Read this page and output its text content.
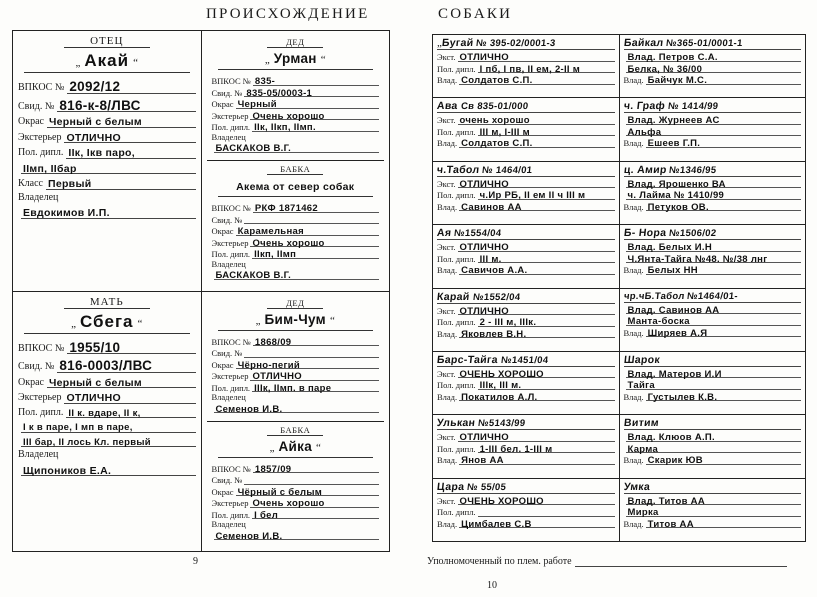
ПРОИСХОЖДЕНИЕ	СОБАКИ
ОТЕЦ
„ Акай “
ВПКОС № 2092/12
Свид. № 816-к-8/ЛВС
Окрас Черный с белым
Экстерьер ОТЛИЧНО
Пол. дипл. IIк, Iкв паро,
IIмп, IIбар
Класс Первый
Владелец
Евдокимов И.П.
ДЕД
„ Урман “
ВПКОС № 835-
Свид. № 835-05/0003-1
Окрас Черный
Экстерьер Очень хорошо
Пол. дипл. IIк, IIкп, IIмп.
Владелец
БАСКАКОВ В.Г.
БАБКА
Акема от север собак
ВПКОС № РКФ 1871462
Свид. №
Окрас Карамельная
Экстерьер Очень хорошо
Пол. дипл. IIкп, IIмп
Владелец
БАСКАКОВ В.Г.
МАТЬ
„ Сбега “
ВПКОС № 1955/10
Свид. № 816-0003/ЛВС
Окрас Черный с белым
Экстерьер ОТЛИЧНО
Пол. дипл. II к. вдаре, II к,
I к в паре, I мп в паре,
III бар, II лось Кл. первый
Владелец
Щипоников Е.А.
ДЕД
„ Бим-Чум “
ВПКОС № 1868/09
Свид. №
Окрас Чёрно-пегий
Экстерьер ОТЛИЧНО
Пол. дипл. IIIк, IIмп. в паре
Владелец
Семенов И.В.
БАБКА
„ Айка “
ВПКОС № 1857/09
Свид. №
Окрас Чёрный с белым
Экстерьер Очень хорошо
Пол. дипл. I бел
Владелец
Семенов И.В.
„ Бугай № 395-02/0001-3
Экст. ОТЛИЧНО
Пол. дипл. I пб, I пв, II ем, 2-II м
Влад. Солдатов С.П.
Байкал №365-01/0001-1
Влад. Петров С.А.
Белка, № 36/00
Влад. Байчук М.С.
Ава Св 835-01/000
Экст. очень хорошо
Пол. дипл. III м, I-III м
Влад. Солдатов С.П.
ч. Граф № 1414/99
Влад. Журнеев АС
Альфа
Влад. Ешеев Г.П.
ч.Табол № 1464/01
Экст. ОТЛИЧНО
Пол. дипл. ч.Ир РБ, II ем II ч III м
Влад. Савинов АА
ц. Амир №1346/95
Влад. Ярошенко ВА
ч. Лайма № 1410/99
Влад. Петуков ОВ.
Ая №1554/04
Экст. ОТЛИЧНО
Пол. дипл. III м.
Влад. Савичов А.А.
Б- Нора №1506/02
Влад. Белых И.Н
Ч.Янта-Тайга №48. №/38 лнг
Влад. Белых НН
Карай №1552/04
Экст. ОТЛИЧНО
Пол. дипл. 2 - III м, IIIк.
Влад. Яковлев В.Н.
чр.чБ.Табол №1464/01-
Влад. Савинов АА
Манта-боска
Влад. Ширяев А.Я
Барс-Тайга №1451/04
Экст. ОЧЕНЬ ХОРОШО
Пол. дипл. IIIк, III м.
Влад. Покатилов А.Л.
Шарок
Влад. Матеров И.И
Тайга
Влад. Густылев К.В.
Улькан №5143/99
Экст. ОТЛИЧНО
Пол. дипл. 1-III бел. 1-III м
Влад. Янов АА
Витим
Влад. Клюов А.П.
Карма
Влад. Скарик ЮВ
Цара № 55/05
Экст. ОЧЕНЬ ХОРОШО
Пол. дипл.
Влад. Цимбалев С.В
Умка
Влад. Титов АА
Мирка
Влад. Титов АА
9	Уполномоченный по плем. работе
10
